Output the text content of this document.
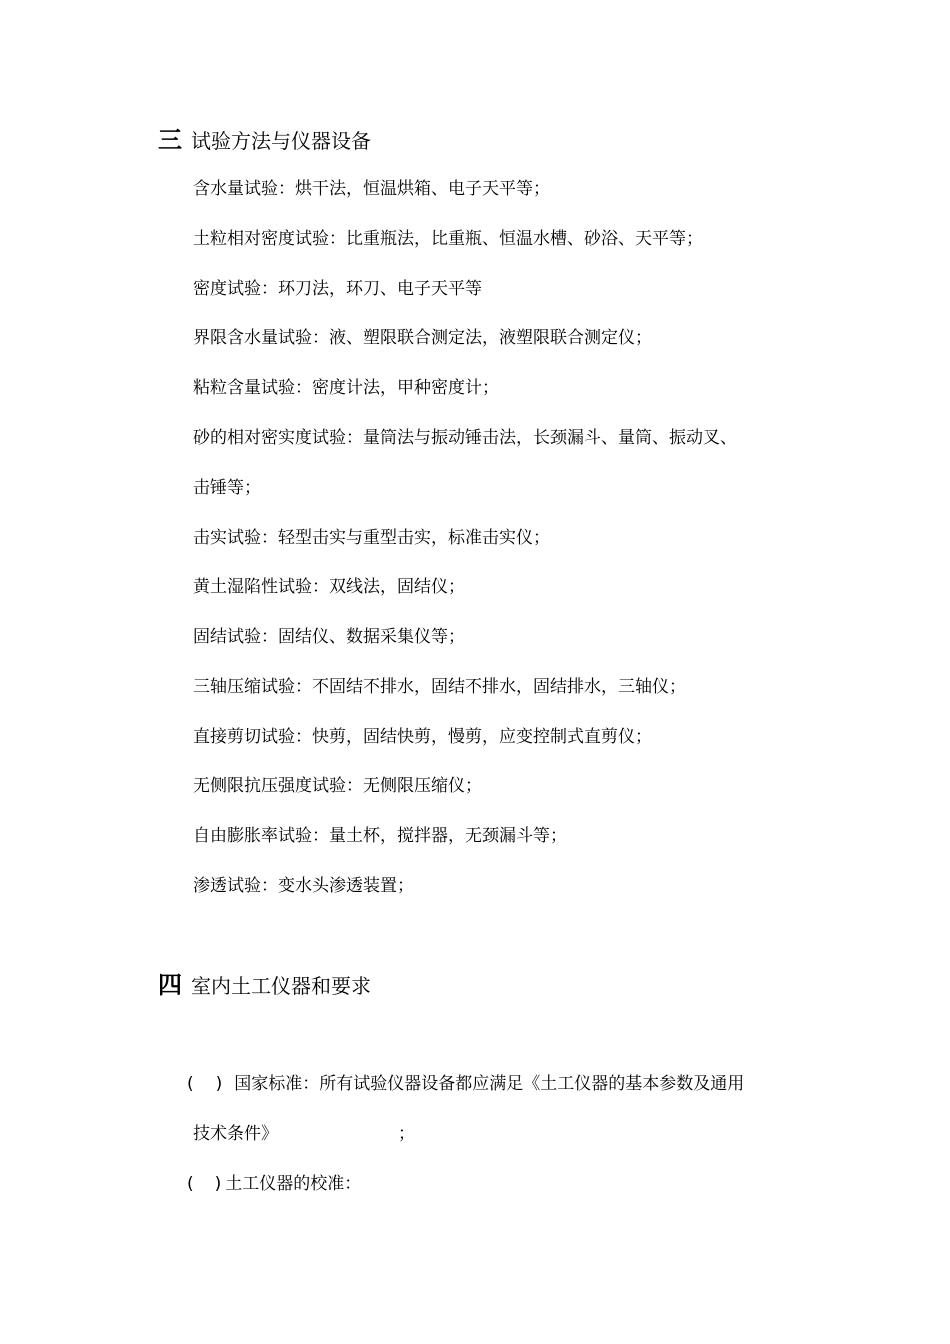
三 试验方法与仪器设备
含水量试验：烘干法，恒温烘箱、电子天平等；
土粒相对密度试验：比重瓶法，比重瓶、恒温水槽、砂浴、天平等；
密度试验：环刀法，环刀、电子天平等
界限含水量试验：液、塑限联合测定法，液塑限联合测定仪；
粘粒含量试验：密度计法，甲种密度计；
砂的相对密实度试验：量筒法与振动锤击法，长颈漏斗、量筒、振动叉、
击锤等；
击实试验：轻型击实与重型击实，标准击实仪；
黄土湿陷性试验：双线法，固结仪；
固结试验：固结仪、数据采集仪等；
三轴压缩试验：不固结不排水，固结不排水，固结排水，三轴仪；
直接剪切试验：快剪，固结快剪，慢剪，应变控制式直剪仪；
无侧限抗压强度试验：无侧限压缩仪；
自由膨胀率试验：量土杯，搅拌器，无颈漏斗等；
渗透试验：变水头渗透装置；
四 室内土工仪器和要求
( ) 国家标准：所有试验仪器设备都应满足《土工仪器的基本参数及通用
技术条件》	；
( ) 土工仪器的校准：
